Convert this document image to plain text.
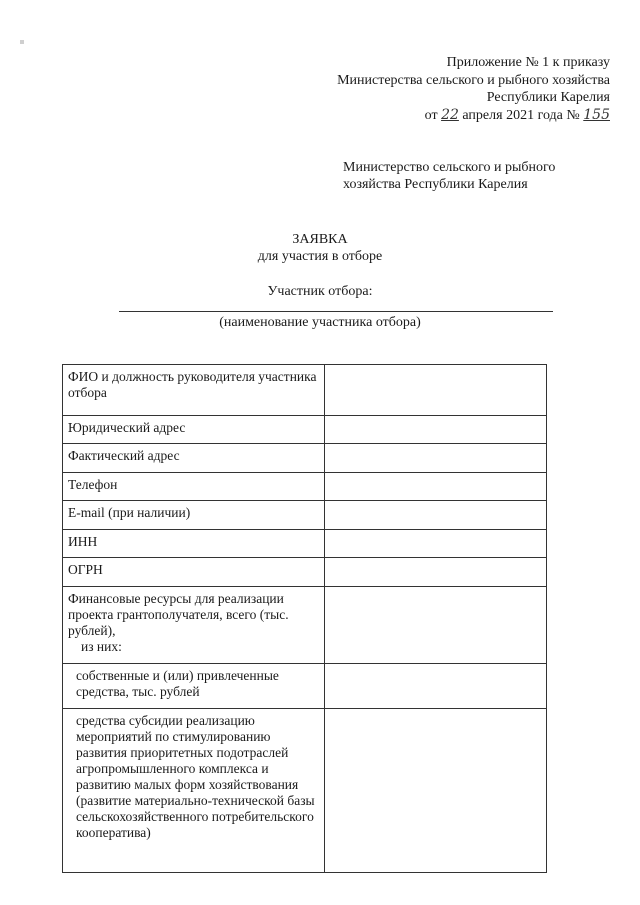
Приложение № 1 к приказу
Министерства сельского и рыбного хозяйства
Республики Карелия
от 22 апреля 2021 года № 155
Министерство сельского и рыбного
хозяйства Республики Карелия
ЗАЯВКА
для участия в отборе
Участник отбора:
(наименование участника отбора)
ФИО и должность руководителя участника отбора	
Юридический адрес	
Фактический адрес	
Телефон	
E-mail (при наличии)	
ИНН	
ОГРН	

Финансовые ресурсы для реализации проекта грантополучателя, всего (тыс. рублей),
из них:	

собственные и (или) привлеченные средства, тыс. рублей	
средства субсидии реализацию мероприятий по стимулированию развития приоритетных подотраслей агропромышленного комплекса и развитию малых форм хозяйствования (развитие материально-технической базы сельскохозяйственного потребительского кооператива)	
